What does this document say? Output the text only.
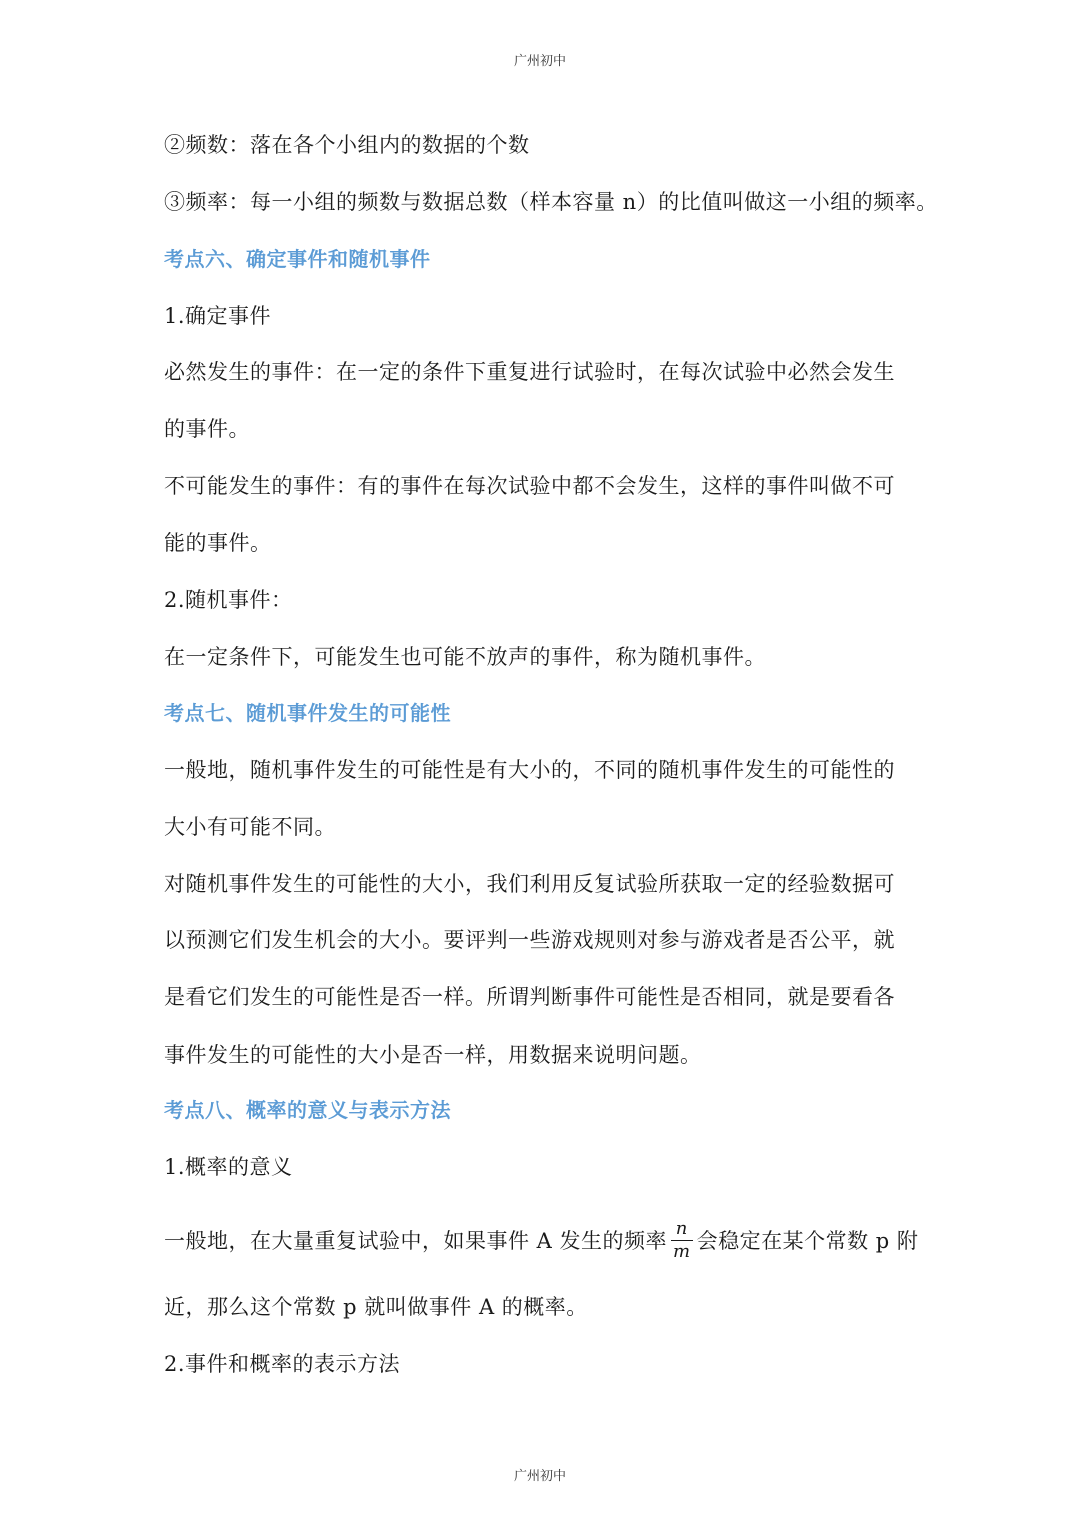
广州初中
②频数：落在各个小组内的数据的个数
③频率：每一小组的频数与数据总数（样本容量 n）的比值叫做这一小组的频率。
考点六、确定事件和随机事件
1.确定事件
必然发生的事件：在一定的条件下重复进行试验时，在每次试验中必然会发生
的事件。
不可能发生的事件：有的事件在每次试验中都不会发生，这样的事件叫做不可
能的事件。
2.随机事件：
在一定条件下，可能发生也可能不放声的事件，称为随机事件。
考点七、随机事件发生的可能性
一般地，随机事件发生的可能性是有大小的，不同的随机事件发生的可能性的
大小有可能不同。
对随机事件发生的可能性的大小，我们利用反复试验所获取一定的经验数据可
以预测它们发生机会的大小。要评判一些游戏规则对参与游戏者是否公平，就
是看它们发生的可能性是否一样。所谓判断事件可能性是否相同，就是要看各
事件发生的可能性的大小是否一样，用数据来说明问题。
考点八、概率的意义与表示方法
1.概率的意义
一般地，在大量重复试验中，如果事件 A 发生的频率 $\frac{n}{m}$ 会稳定在某个常数 p 附
近，那么这个常数 p 就叫做事件 A 的概率。
2.事件和概率的表示方法
广州初中
